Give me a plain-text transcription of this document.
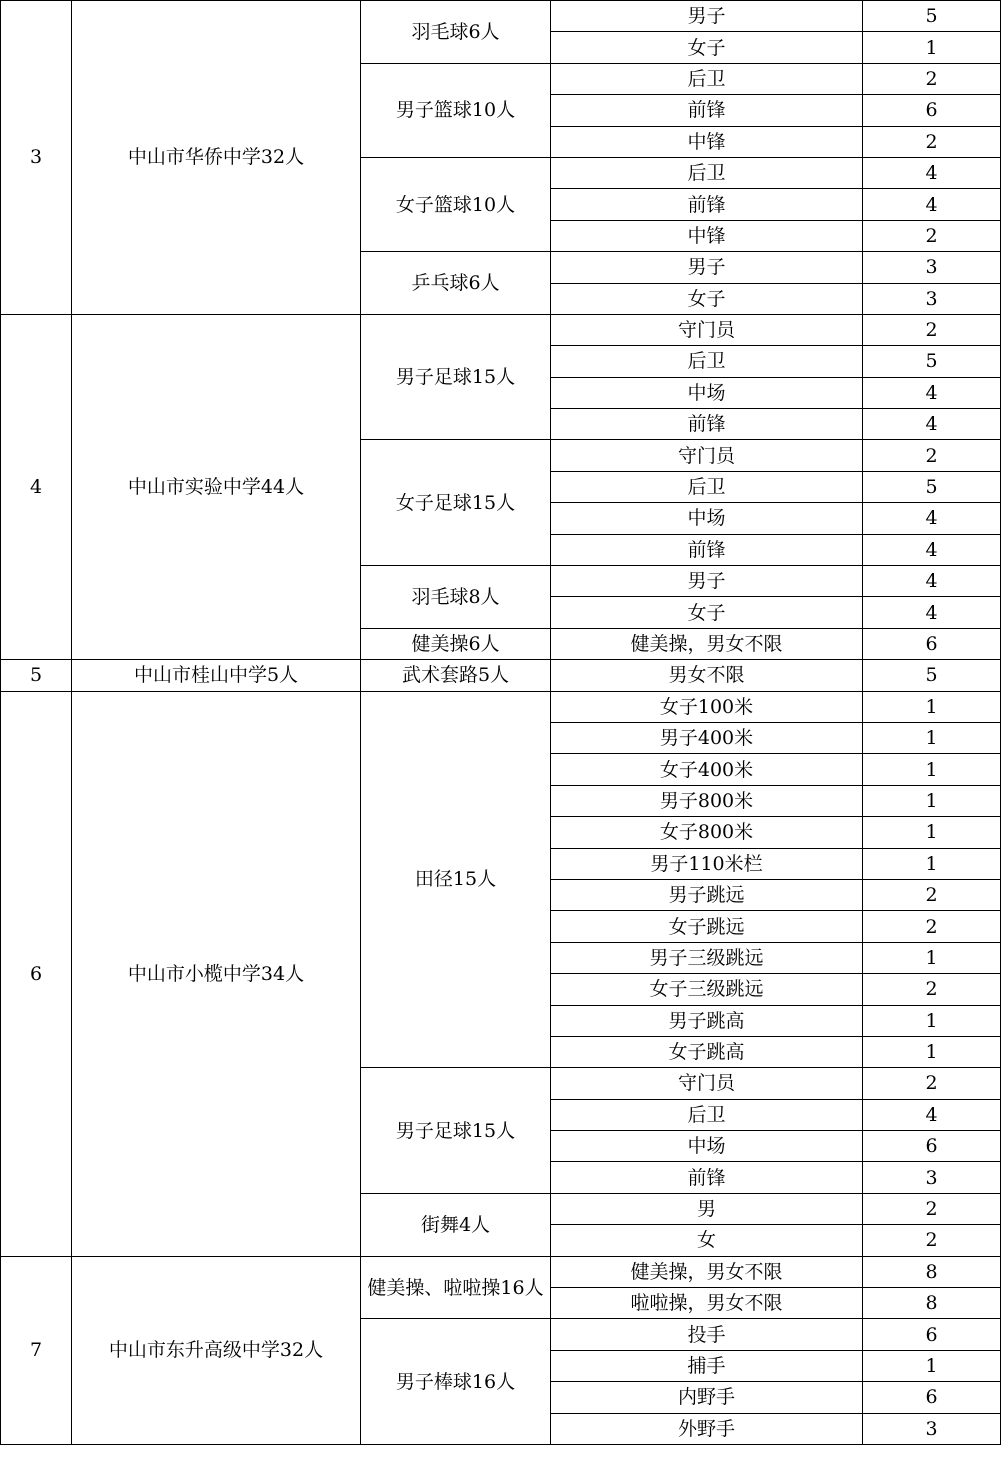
3	中山市华侨中学32人	羽毛球6人	男子	5
			女子	1
		男子篮球10人	后卫	2
			前锋	6
			中锋	2
		女子篮球10人	后卫	4
			前锋	4
			中锋	2
		乒乓球6人	男子	3
			女子	3
4	中山市实验中学44人	男子足球15人	守门员	2
			后卫	5
			中场	4
			前锋	4
		女子足球15人	守门员	2
			后卫	5
			中场	4
			前锋	4
		羽毛球8人	男子	4
			女子	4
		健美操6人	健美操，男女不限	6
5	中山市桂山中学5人	武术套路5人	男女不限	5
6	中山市小榄中学34人	田径15人	女子100米	1
			男子400米	1
			女子400米	1
			男子800米	1
			女子800米	1
			男子110米栏	1
			男子跳远	2
			女子跳远	2
			男子三级跳远	1
			女子三级跳远	2
			男子跳高	1
			女子跳高	1
		男子足球15人	守门员	2
			后卫	4
			中场	6
			前锋	3
		街舞4人	男	2
			女	2
7	中山市东升高级中学32人	健美操、啦啦操16人	健美操，男女不限	8
			啦啦操，男女不限	8
		男子棒球16人	投手	6
			捕手	1
			内野手	6
			外野手	3
